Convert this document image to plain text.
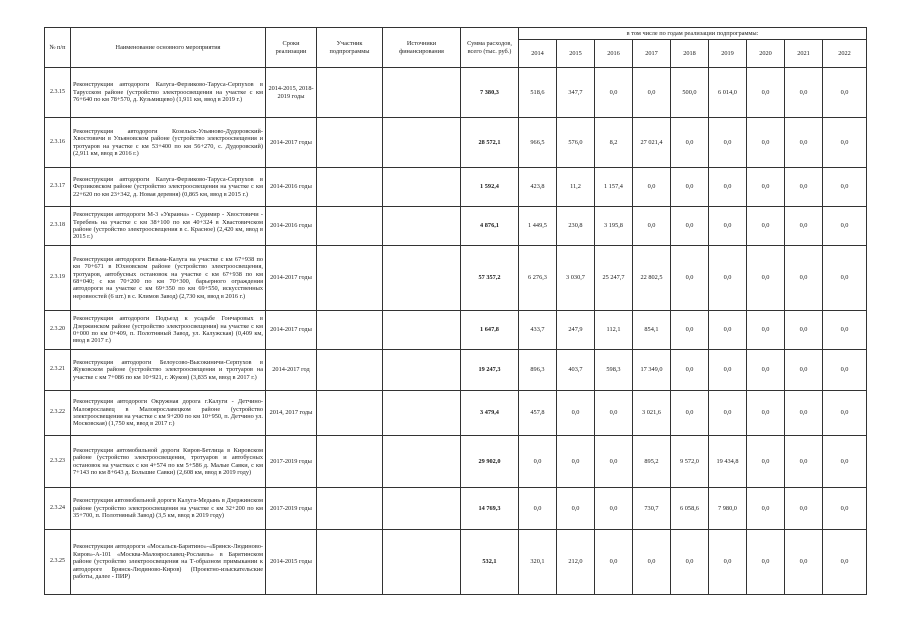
№ п/п	Наименование основного мероприятия	Сроки реализации	Участник подпрограммы	Источники финансирования	Сумма расходов, всего (тыс. руб.)	в том числе по годам реализации подпрограммы:								
						2014	2015	2016	2017	2018	2019	2020	2021	2022
2.3.15	Реконструкция автодороги Калуга-Ферзиково-Таруса-Серпухов в Тарусском районе (устройство электроосвещения на участке с км 76+640 по км 78+570, д. Кузьмищево) (1,911 км, ввод в 2019 г.)	2014-2015, 2018-2019 годы			7 380,3	518,6	347,7	0,0	0,0	500,0	6 014,0	0,0	0,0	0,0
2.3.16	Реконструкция автодороги Козельск-Ульяново-Дудоровский-Хвостовичи в Ульяновском районе (устройство электроосвещения и тротуаров на участке с км 53+400 по км 56+270, с. Дудоровский) (2,911 км, ввод в 2016 г.)	2014-2017 годы			28 572,1	966,5	576,0	8,2	27 021,4	0,0	0,0	0,0	0,0	0,0
2.3.17	Реконструкция автодороги Калуга-Ферзиково-Таруса-Серпухов в Ферзиковском районе (устройство электроосвещения на участке с км 22+620 по км 23+342, д. Новая деревня) (0,865 км, ввод в 2015 г.)	2014-2016 годы			1 592,4	423,8	11,2	1 157,4	0,0	0,0	0,0	0,0	0,0	0,0
2.3.18	Реконструкция автодороги М-3 «Украина» - Судимир - Хвостовичи - Теребень на участке с км 38+100 по км 40+324 в Хвастовичском районе (устройство электроосвещения в с. Красное) (2,420 км, ввод в 2015 г.)	2014-2016 годы			4 876,1	1 449,5	230,8	3 195,8	0,0	0,0	0,0	0,0	0,0	0,0
2.3.19	Реконструкция автодороги Вязьма-Калуга на участке с км 67+938 по км 70+671 в Юхновском районе (устройство электроосвещения, тротуаров, автобусных остановок на участке с км 67+938 по км 68+040; с км 70+200 по км 70+300, барьерного ограждения автодороги на участке с км 69+350 по км 69+550, искусственных неровностей (6 шт.) в с. Климов Завод) (2,730 км, ввод в 2016 г.)	2014-2017 годы			57 357,2	6 276,3	3 030,7	25 247,7	22 802,5	0,0	0,0	0,0	0,0	0,0
2.3.20	Реконструкция автодороги Подъезд к усадьбе Гончаровых в Дзержинском районе (устройство электроосвещения) на участке с км 0+000 по км 0+409, п. Полотняный Завод, ул. Калужская) (0,409 км, ввод в 2017 г.)	2014-2017 годы			1 647,8	433,7	247,9	112,1	854,1	0,0	0,0	0,0	0,0	0,0
2.3.21	Реконструкция автодороги Белоусово-Высокиничи-Серпухов в Жуковском районе (устройство электроосвещения и тротуаров на участке с км 7+086 по км 10+921, г. Жуков) (3,835 км, ввод в 2017 г.)	2014-2017 год			19 247,3	896,3	403,7	598,3	17 349,0	0,0	0,0	0,0	0,0	0,0
2.3.22	Реконструкция автодороги Окружная дорога г.Калуги - Детчино-Малоярославец в Малоярославецком районе (устройство электроосвещения на участке с км 9+200 по км 10+950, п. Детчино ул. Московская) (1,750 км, ввод в 2017 г.)	2014, 2017 годы			3 479,4	457,8	0,0	0,0	3 021,6	0,0	0,0	0,0	0,0	0,0
2.3.23	Реконструкция автомобильной дороги Киров-Бетлица в Кировском районе (устройство электроосвещения, тротуаров и автобусных остановок на участках с км 4+574 по км 5+586 д. Малые Савки, с км 7+143 по км 8+643 д. Большие Савки) (2,608 км, ввод в 2019 году)	2017-2019 годы			29 902,0	0,0	0,0	0,0	895,2	9 572,0	19 434,8	0,0	0,0	0,0
2.3.24	Реконструкция автомобильной дороги Калуга-Медынь в Дзержинском районе (устройство электроосвещения на участке с км 32+200 по км 35+700, п. Полотняный Завод) (3,5 км, ввод в 2019 году)	2017-2019 годы			14 769,3	0,0	0,0	0,0	730,7	6 058,6	7 980,0	0,0	0,0	0,0
2.3.25	Реконструкция автодороги «Мосальск-Барятино»-«Брянск-Людиново-Киров»-А-101 «Москва-Малоярославец-Рославль» в Барятинском районе (устройство электроосвещения на Т-образном примыкании к автодороге Брянск-Людиново-Киров) (Проектно-изыскательские работы, далее - ПИР)	2014-2015 годы			532,1	320,1	212,0	0,0	0,0	0,0	0,0	0,0	0,0	0,0
